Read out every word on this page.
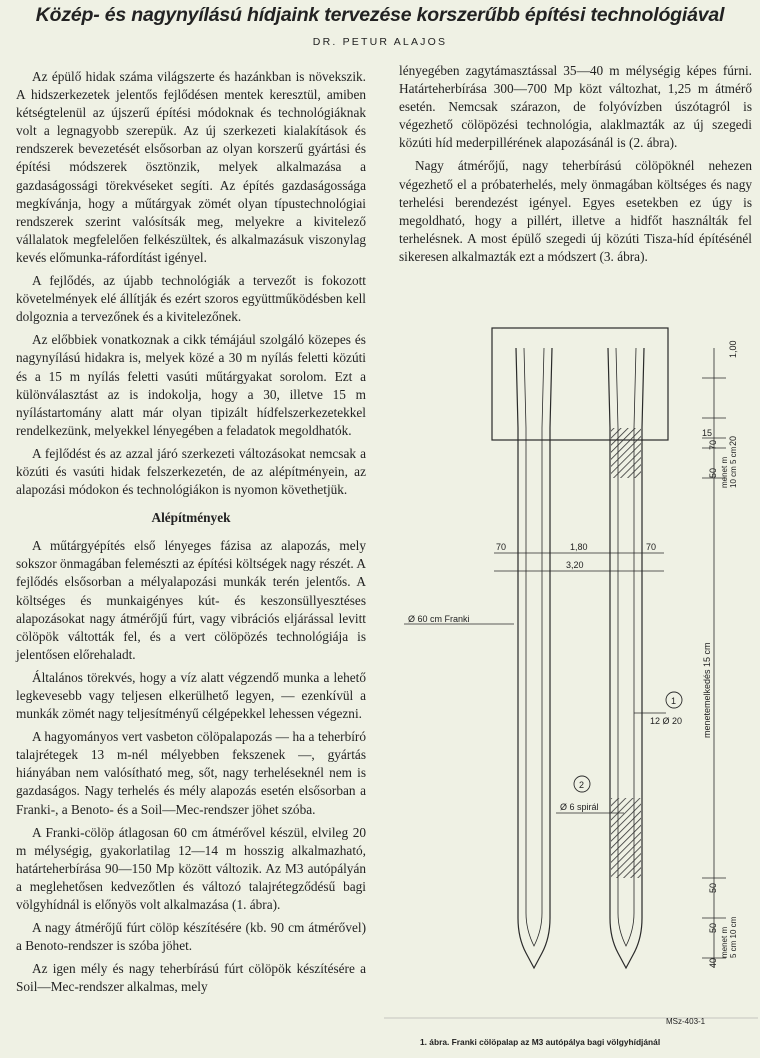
Közép- és nagynyílású hídjaink tervezése korszerűbb építési technológiával
DR. PETUR ALAJOS

Az épülő hidak száma világszerte és hazánkban is növekszik. A hidszerkezetek jelentős fejlődésen mentek keresztül, amiben kétségtelenül az újszerű építési módoknak és technológiáknak volt a legnagyobb szerepük. Az új szerkezeti kialakítások és rendszerek bevezetését elsősorban az olyan korszerű gyártási és építési módszerek ösztönzik, melyek alkalmazása a gazdaságossági törekvéseket segíti. Az építés gazdaságossága megkívánja, hogy a műtárgyak zömét olyan típustechnológiai rendszerek szerint valósítsák meg, melyekre a kivitelező vállalatok megfelelően felkészültek, és alkalmazásuk viszonylag kevés előmunka-ráfordítást igényel.

A fejlődés, az újabb technológiák a tervezőt is fokozott követelmények elé állítják és ezért szoros együttműködésben kell dolgoznia a tervezőnek és a kivitelezőnek.

Az előbbiek vonatkoznak a cikk témájául szolgáló közepes és nagynyílású hidakra is, melyek közé a 30 m nyílás feletti közúti és a 15 m nyílás feletti vasúti műtárgyakat sorolom. Ezt a különválasztást az is indokolja, hogy a 30, illetve 15 m nyílástartomány alatt már olyan tipizált hídfelszerkezetekkel rendelkezünk, melyekkel lényegében a feladatok megoldhatók.

A fejlődést és az azzal járó szerkezeti változásokat nemcsak a közúti és vasúti hidak felszerkezetén, de az alépítményein, az alapozási módokon és technológiákon is nyomon követhetjük.

Alépítmények

A műtárgyépítés első lényeges fázisa az alapozás, mely sokszor önmagában felemészti az építési költségek nagy részét. A fejlődés elsősorban a mélyalapozási munkák terén jelentős. A költséges és munkaigényes kút- és keszonsüllyesztéses alapozásokat nagy átmérőjű fúrt, vagy vibrációs eljárással levitt cölöpök váltották fel, és a vert cölöpözés technológiája is jelentősen előrehaladt.

Általános törekvés, hogy a víz alatt végzendő munka a lehető legkevesebb vagy teljesen elkerülhető legyen, — ezenkívül a munkák zömét nagy teljesítményű célgépekkel lehessen végezni.

A hagyományos vert vasbeton cölöpalapozás — ha a teherbíró talajrétegek 13 m-nél mélyebben fekszenek —, gyártás hiányában nem valósítható meg, sőt, nagy terheléseknél nem is gazdaságos. Nagy terhelés és mély alapozás esetén elsősorban a Franki-, a Benoto- és a Soil—Mec-rendszer jöhet szóba.

A Franki-cölöp átlagosan 60 cm átmérővel készül, elvileg 20 m mélységig, gyakorlatilag 12—14 m hosszig alkalmazható, határteherbírása 90—150 Mp között változik. Az M3 autópályán a meglehetősen kedvezőtlen és változó talajrétegződésű bagi völgyhídnál is előnyös volt alkalmazása (1. ábra).

A nagy átmérőjű fúrt cölöp készítésére (kb. 90 cm átmérővel) a Benoto-rendszer is szóba jöhet.

Az igen mély és nagy teherbírású fúrt cölöpök készítésére a Soil—Mec-rendszer alkalmas, mely

lényegében zagytámasztással 35—40 m mélységig képes fúrni. Határteherbírása 300—700 Mp közt változhat, 1,25 m átmérő esetén. Nemcsak szárazon, de folyóvízben úszótagról is végezhető cölöpözési technológia, alaklmazták az új szegedi közúti híd mederpillérének alapozásánál is (2. ábra).

Nagy átmérőjű, nagy teherbírású cölöpöknél nehezen végezhető el a próbaterhelés, mely önmagában költséges és nagy terhelési berendezést igényel. Egyes esetekben ez úgy is megoldható, hogy a pillért, illetve a hidfőt használták fel terhelésnek. A most épülő szegedi új közúti Tisza-híd építésénél sikeresen alkalmazták ezt a módszert (3. ábra).

1,00
15
20
50 menet m 10 cm 5 cm
70
70	1,80	70
3,20
Ø 60 cm Franki
menetemelkedés 15 cm
1
12 Ø 20
2
Ø 6 spirál
50
50
40
menet m 5 cm 10 cm
MSz-403-1
1. ábra. Franki cölöpalap az M3 autópálya bagi völgyhídjánál
